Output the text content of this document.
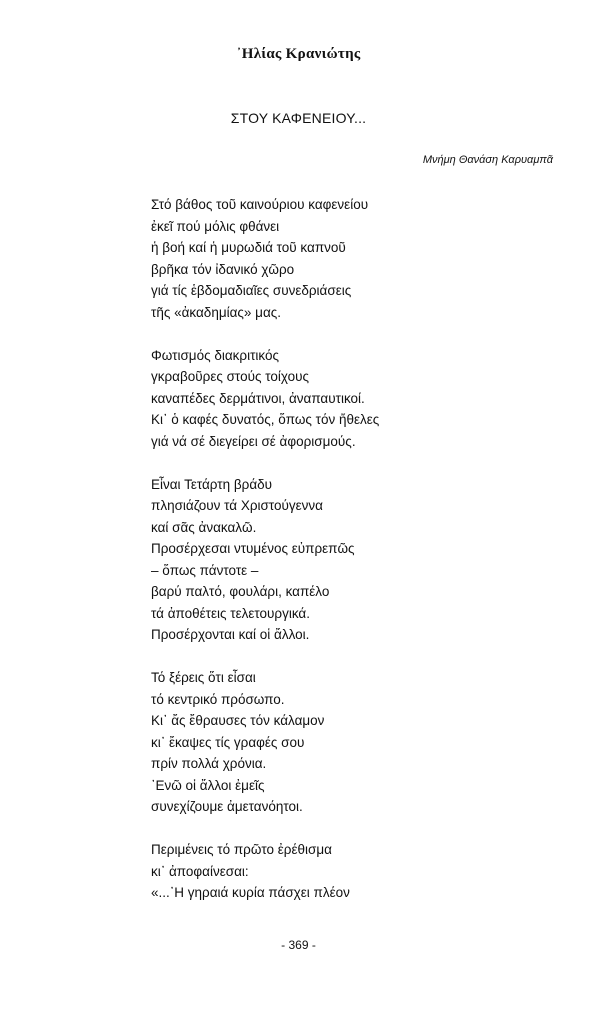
᾿Ηλίας Κρανιώτης
ΣΤΟΥ ΚΑΦΕΝΕΙΟΥ...
Μνήμη Θανάση Καρυαμπᾶ
Στό βάθος τοῦ καινούριου καφενείου
ἐκεῖ πού μόλις φθάνει
ἡ βοή καί ἡ μυρωδιά τοῦ καπνοῦ
βρῆκα τόν ἰδανικό χῶρο
γιά τίς ἑβδομαδιαῖες συνεδριάσεις
τῆς «ἀκαδημίας» μας.
Φωτισμός διακριτικός
γκραβοῦρες στούς τοίχους
καναπέδες δερμάτινοι, ἀναπαυτικοί.
Κι᾿ ὁ καφές δυνατός, ὅπως τόν ἤθελες
γιά νά σέ διεγείρει σέ ἀφορισμούς.
Εἶναι Τετάρτη βράδυ
πλησιάζουν τά Χριστούγεννα
καί σᾶς ἀνακαλῶ.
Προσέρχεσαι ντυμένος εὐπρεπῶς
– ὅπως πάντοτε –
βαρύ παλτό, φουλάρι, καπέλο
τά ἀποθέτεις τελετουργικά.
Προσέρχονται καί οἱ ἄλλοι.
Τό ξέρεις ὅτι εἶσαι
τό κεντρικό πρόσωπο.
Κι᾿ ἄς ἔθραυσες τόν κάλαμον
κι᾿ ἔκαψες τίς γραφές σου
πρίν πολλά χρόνια.
᾿Ενῶ οἱ ἄλλοι ἐμεῖς
συνεχίζουμε ἀμετανόητοι.
Περιμένεις τό πρῶτο ἐρέθισμα
κι᾿ ἀποφαίνεσαι:
«...᾿Η γηραιά κυρία πάσχει πλέον
- 369 -
